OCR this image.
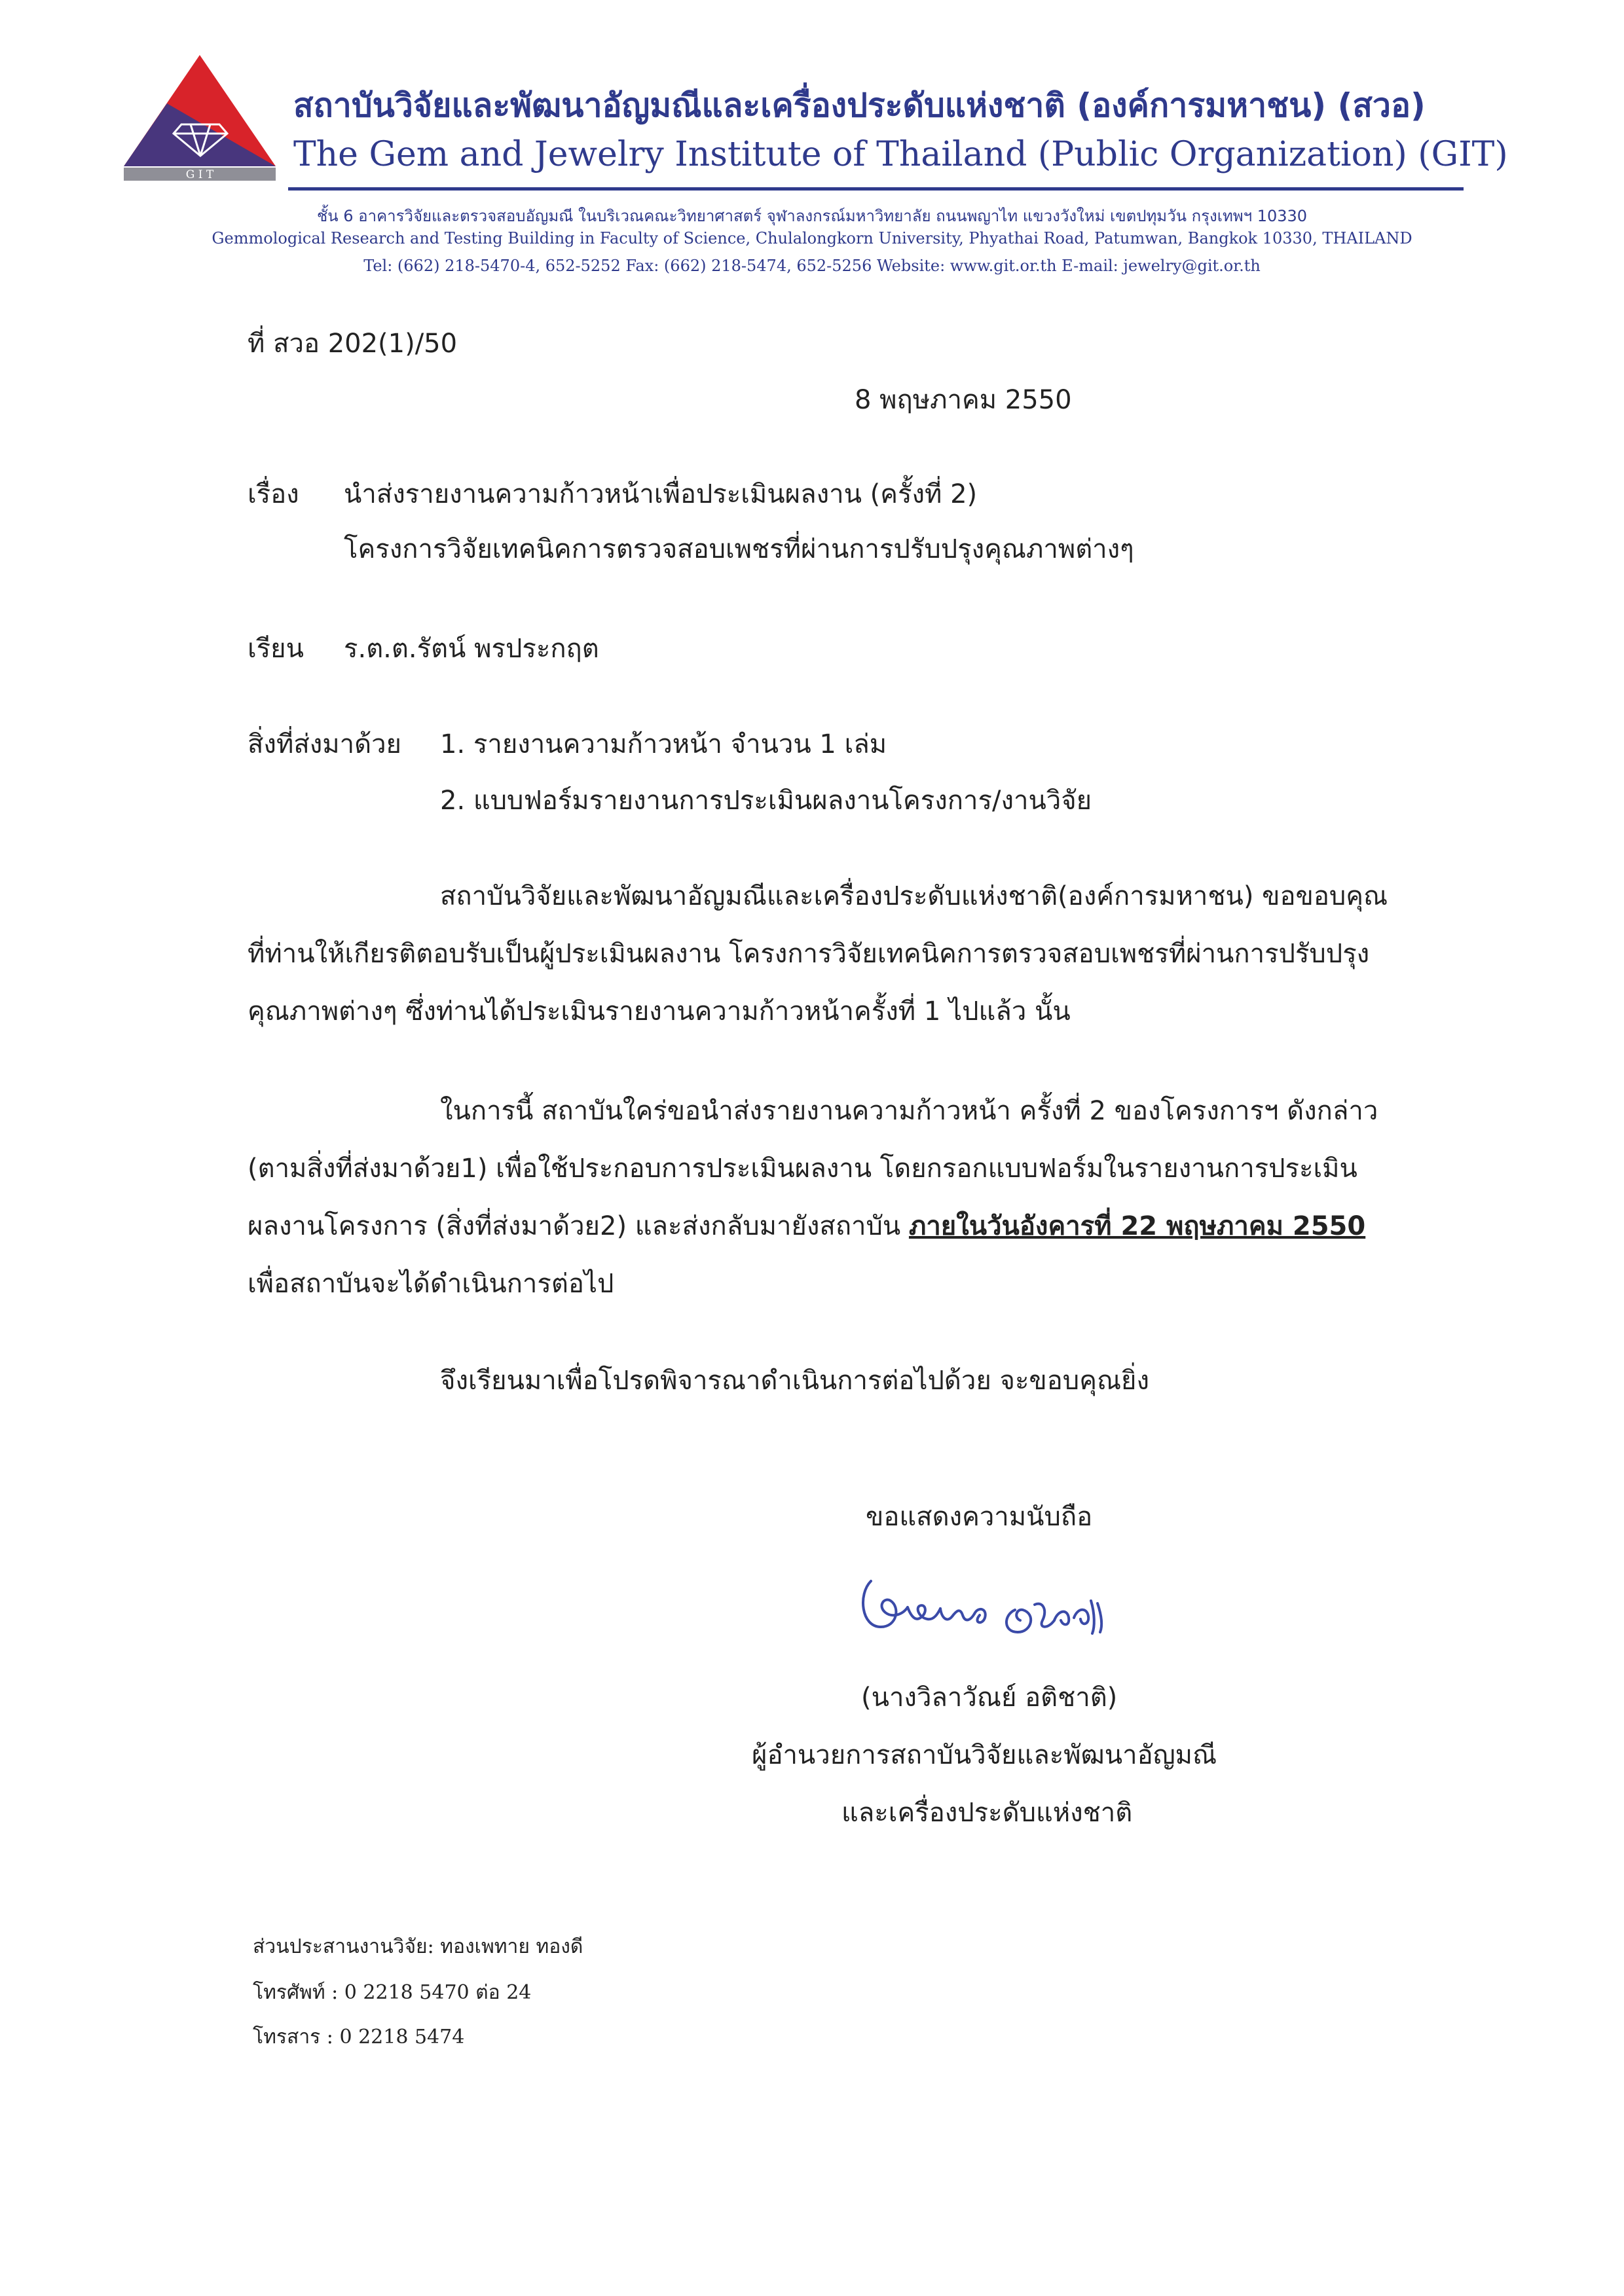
G I T
สถาบันวิจัยและพัฒนาอัญมณีและเครื่องประดับแห่งชาติ (องค์การมหาชน) (สวอ)
The Gem and Jewelry Institute of Thailand (Public Organization) (GIT)
ชั้น 6 อาคารวิจัยและตรวจสอบอัญมณี ในบริเวณคณะวิทยาศาสตร์ จุฬาลงกรณ์มหาวิทยาลัย ถนนพญาไท แขวงวังใหม่ เขตปทุมวัน กรุงเทพฯ 10330
Gemmological Research and Testing Building in Faculty of Science, Chulalongkorn University, Phyathai Road, Patumwan, Bangkok 10330, THAILAND
Tel: (662) 218-5470-4, 652-5252 Fax: (662) 218-5474, 652-5256 Website: www.git.or.th E-mail: jewelry@git.or.th
ที่ สวอ 202(1)/50
8 พฤษภาคม 2550
เรื่อง นำส่งรายงานความก้าวหน้าเพื่อประเมินผลงาน (ครั้งที่ 2)
โครงการวิจัยเทคนิคการตรวจสอบเพชรที่ผ่านการปรับปรุงคุณภาพต่างๆ
เรียน ร.ต.ต.รัตน์ พรประกฤต
สิ่งที่ส่งมาด้วย 1. รายงานความก้าวหน้า จำนวน 1 เล่ม
2. แบบฟอร์มรายงานการประเมินผลงานโครงการ/งานวิจัย
สถาบันวิจัยและพัฒนาอัญมณีและเครื่องประดับแห่งชาติ(องค์การมหาชน) ขอขอบคุณ
ที่ท่านให้เกียรติตอบรับเป็นผู้ประเมินผลงาน โครงการวิจัยเทคนิคการตรวจสอบเพชรที่ผ่านการปรับปรุง
คุณภาพต่างๆ ซึ่งท่านได้ประเมินรายงานความก้าวหน้าครั้งที่ 1 ไปแล้ว นั้น
ในการนี้ สถาบันใคร่ขอนำส่งรายงานความก้าวหน้า ครั้งที่ 2 ของโครงการฯ ดังกล่าว
(ตามสิ่งที่ส่งมาด้วย1) เพื่อใช้ประกอบการประเมินผลงาน โดยกรอกแบบฟอร์มในรายงานการประเมิน
ผลงานโครงการ (สิ่งที่ส่งมาด้วย2) และส่งกลับมายังสถาบัน ภายในวันอังคารที่ 22 พฤษภาคม 2550
เพื่อสถาบันจะได้ดำเนินการต่อไป
จึงเรียนมาเพื่อโปรดพิจารณาดำเนินการต่อไปด้วย จะขอบคุณยิ่ง
ขอแสดงความนับถือ
(นางวิลาวัณย์ อติชาติ)
ผู้อำนวยการสถาบันวิจัยและพัฒนาอัญมณี
และเครื่องประดับแห่งชาติ
ส่วนประสานงานวิจัย: ทองเพทาย ทองดี
โทรศัพท์ : 0 2218 5470 ต่อ 24
โทรสาร : 0 2218 5474
